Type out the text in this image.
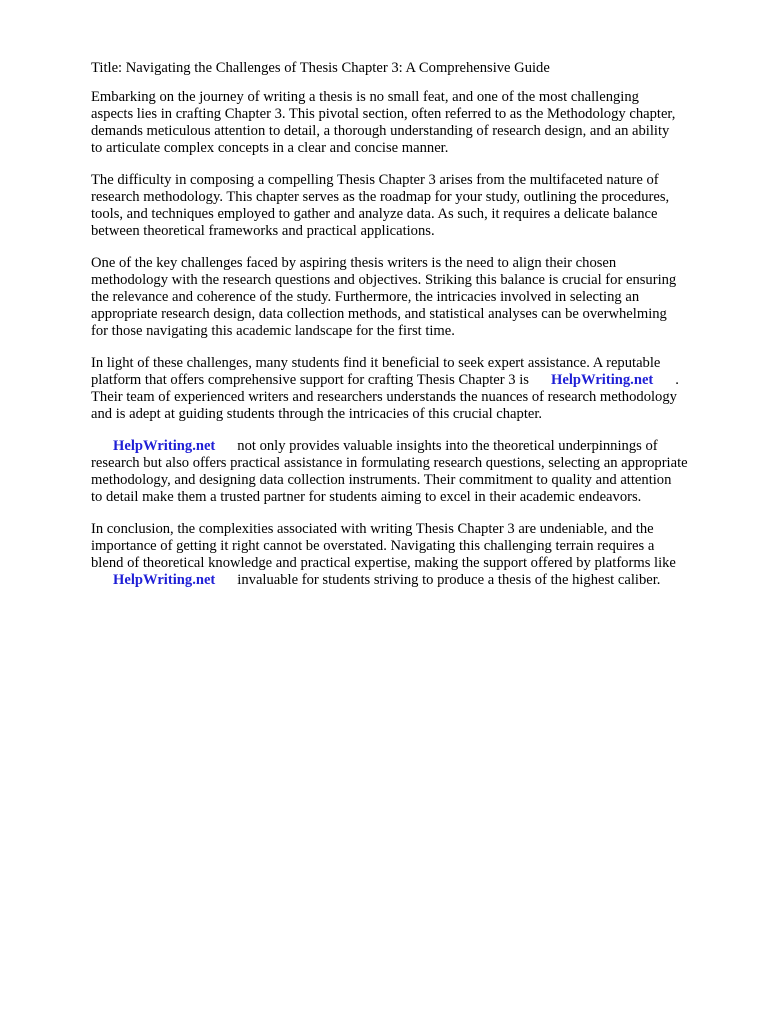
Title: Navigating the Challenges of Thesis Chapter 3: A Comprehensive Guide

Embarking on the journey of writing a thesis is no small feat, and one of the most challenging
aspects lies in crafting Chapter 3. This pivotal section, often referred to as the Methodology chapter,
demands meticulous attention to detail, a thorough understanding of research design, and an ability
to articulate complex concepts in a clear and concise manner.

The difficulty in composing a compelling Thesis Chapter 3 arises from the multifaceted nature of
research methodology. This chapter serves as the roadmap for your study, outlining the procedures,
tools, and techniques employed to gather and analyze data. As such, it requires a delicate balance
between theoretical frameworks and practical applications.

One of the key challenges faced by aspiring thesis writers is the need to align their chosen
methodology with the research questions and objectives. Striking this balance is crucial for ensuring
the relevance and coherence of the study. Furthermore, the intricacies involved in selecting an
appropriate research design, data collection methods, and statistical analyses can be overwhelming
for those navigating this academic landscape for the first time.

In light of these challenges, many students find it beneficial to seek expert assistance. A reputable
platform that offers comprehensive support for crafting Thesis Chapter 3 is HelpWriting.net .
Their team of experienced writers and researchers understands the nuances of research methodology
and is adept at guiding students through the intricacies of this crucial chapter.

HelpWriting.net not only provides valuable insights into the theoretical underpinnings of
research but also offers practical assistance in formulating research questions, selecting an appropriate
methodology, and designing data collection instruments. Their commitment to quality and attention
to detail make them a trusted partner for students aiming to excel in their academic endeavors.

In conclusion, the complexities associated with writing Thesis Chapter 3 are undeniable, and the
importance of getting it right cannot be overstated. Navigating this challenging terrain requires a
blend of theoretical knowledge and practical expertise, making the support offered by platforms like
HelpWriting.net invaluable for students striving to produce a thesis of the highest caliber.
